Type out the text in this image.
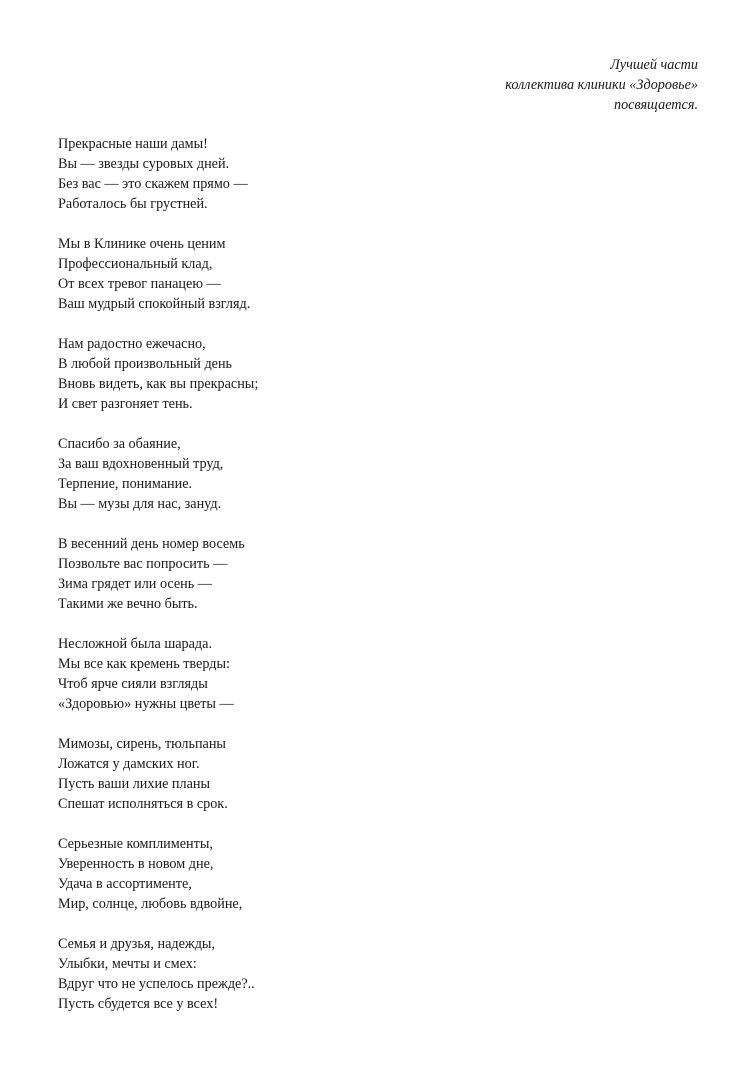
Лучшей части
коллектива клиники «Здоровье»
посвящается.
Прекрасные наши дамы!
Вы — звезды суровых дней.
Без вас — это скажем прямо —
Работалось бы грустней.
Мы в Клинике очень ценим
Профессиональный клад,
От всех тревог панацею —
Ваш мудрый спокойный взгляд.
Нам радостно ежечасно,
В любой произвольный день
Вновь видеть, как вы прекрасны;
И свет разгоняет тень.
Спасибо за обаяние,
За ваш вдохновенный труд,
Терпение, понимание.
Вы — музы для нас, зануд.
В весенний день номер восемь
Позвольте вас попросить —
Зима грядет или осень —
Такими же вечно быть.
Несложной была шарада.
Мы все как кремень тверды:
Чтоб ярче сияли взгляды
«Здоровью» нужны цветы —
Мимозы, сирень, тюльпаны
Ложатся у дамских ног.
Пусть ваши лихие планы
Спешат исполняться в срок.
Серьезные комплименты,
Уверенность в новом дне,
Удача в ассортименте,
Мир, солнце, любовь вдвойне,
Семья и друзья, надежды,
Улыбки, мечты и смех:
Вдруг что не успелось прежде?..
Пусть сбудется все у всех!
